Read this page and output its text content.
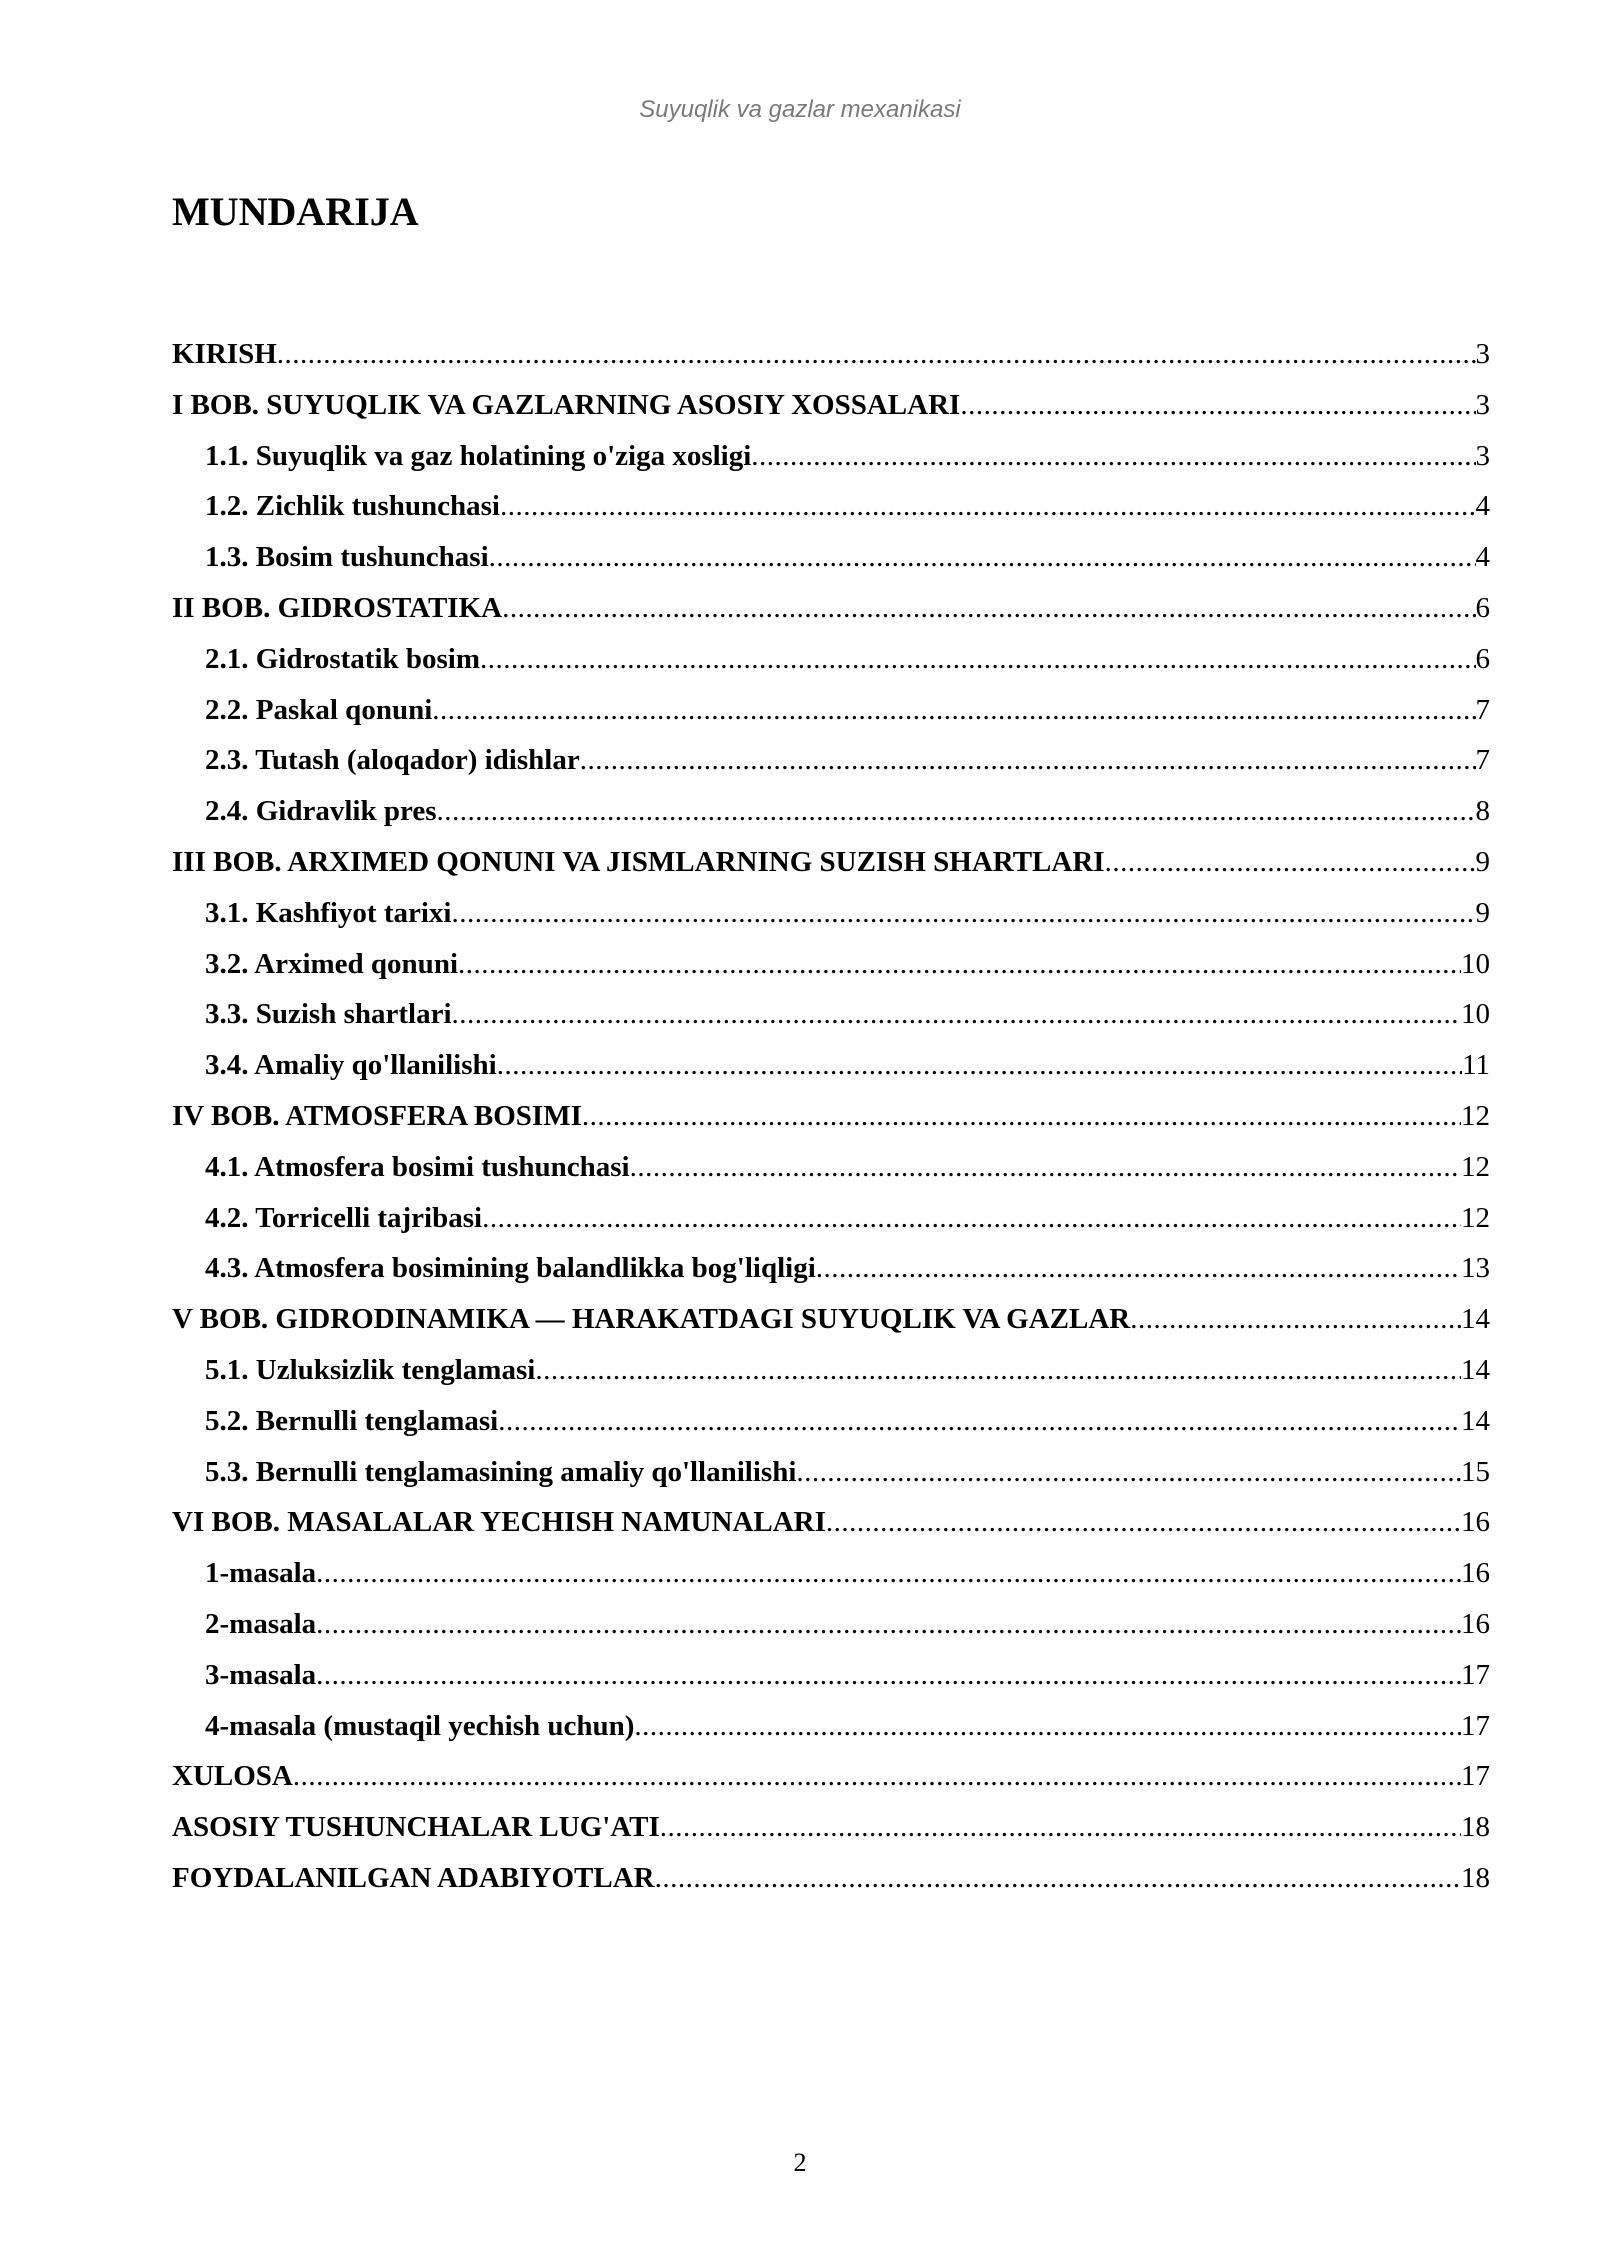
Suyuqlik va gazlar mexanikasi
MUNDARIJA
KIRISH .....	3
I BOB. SUYUQLIK VA GAZLARNING ASOSIY XOSSALARI .....	3
1.1. Suyuqlik va gaz holatining o'ziga xosligi .....	3
1.2. Zichlik tushunchasi .....	4
1.3. Bosim tushunchasi .....	4
II BOB. GIDROSTATIKA .....	6
2.1. Gidrostatik bosim .....	6
2.2. Paskal qonuni .....	7
2.3. Tutash (aloqador) idishlar .....	7
2.4. Gidravlik pres .....	8
III BOB. ARXIMED QONUNI VA JISMLARNING SUZISH SHARTLARI .....	9
3.1. Kashfiyot tarixi .....	9
3.2. Arximed qonuni .....	10
3.3. Suzish shartlari .....	10
3.4. Amaliy qo'llanilishi .....	11
IV BOB. ATMOSFERA BOSIMI .....	12
4.1. Atmosfera bosimi tushunchasi .....	12
4.2. Torricelli tajribasi .....	12
4.3. Atmosfera bosimining balandlikka bog'liqligi .....	13
V BOB. GIDRODINAMIKA — HARAKATDAGI SUYUQLIK VA GAZLAR .....	14
5.1. Uzluksizlik tenglamasi .....	14
5.2. Bernulli tenglamasi .....	14
5.3. Bernulli tenglamasining amaliy qo'llanilishi .....	15
VI BOB. MASALALAR YECHISH NAMUNALARI .....	16
1-masala .....	16
2-masala .....	16
3-masala .....	17
4-masala (mustaqil yechish uchun) .....	17
XULOSA .....	17
ASOSIY TUSHUNCHALAR LUG'ATI .....	18
FOYDALANILGAN ADABIYOTLAR .....	18
2
